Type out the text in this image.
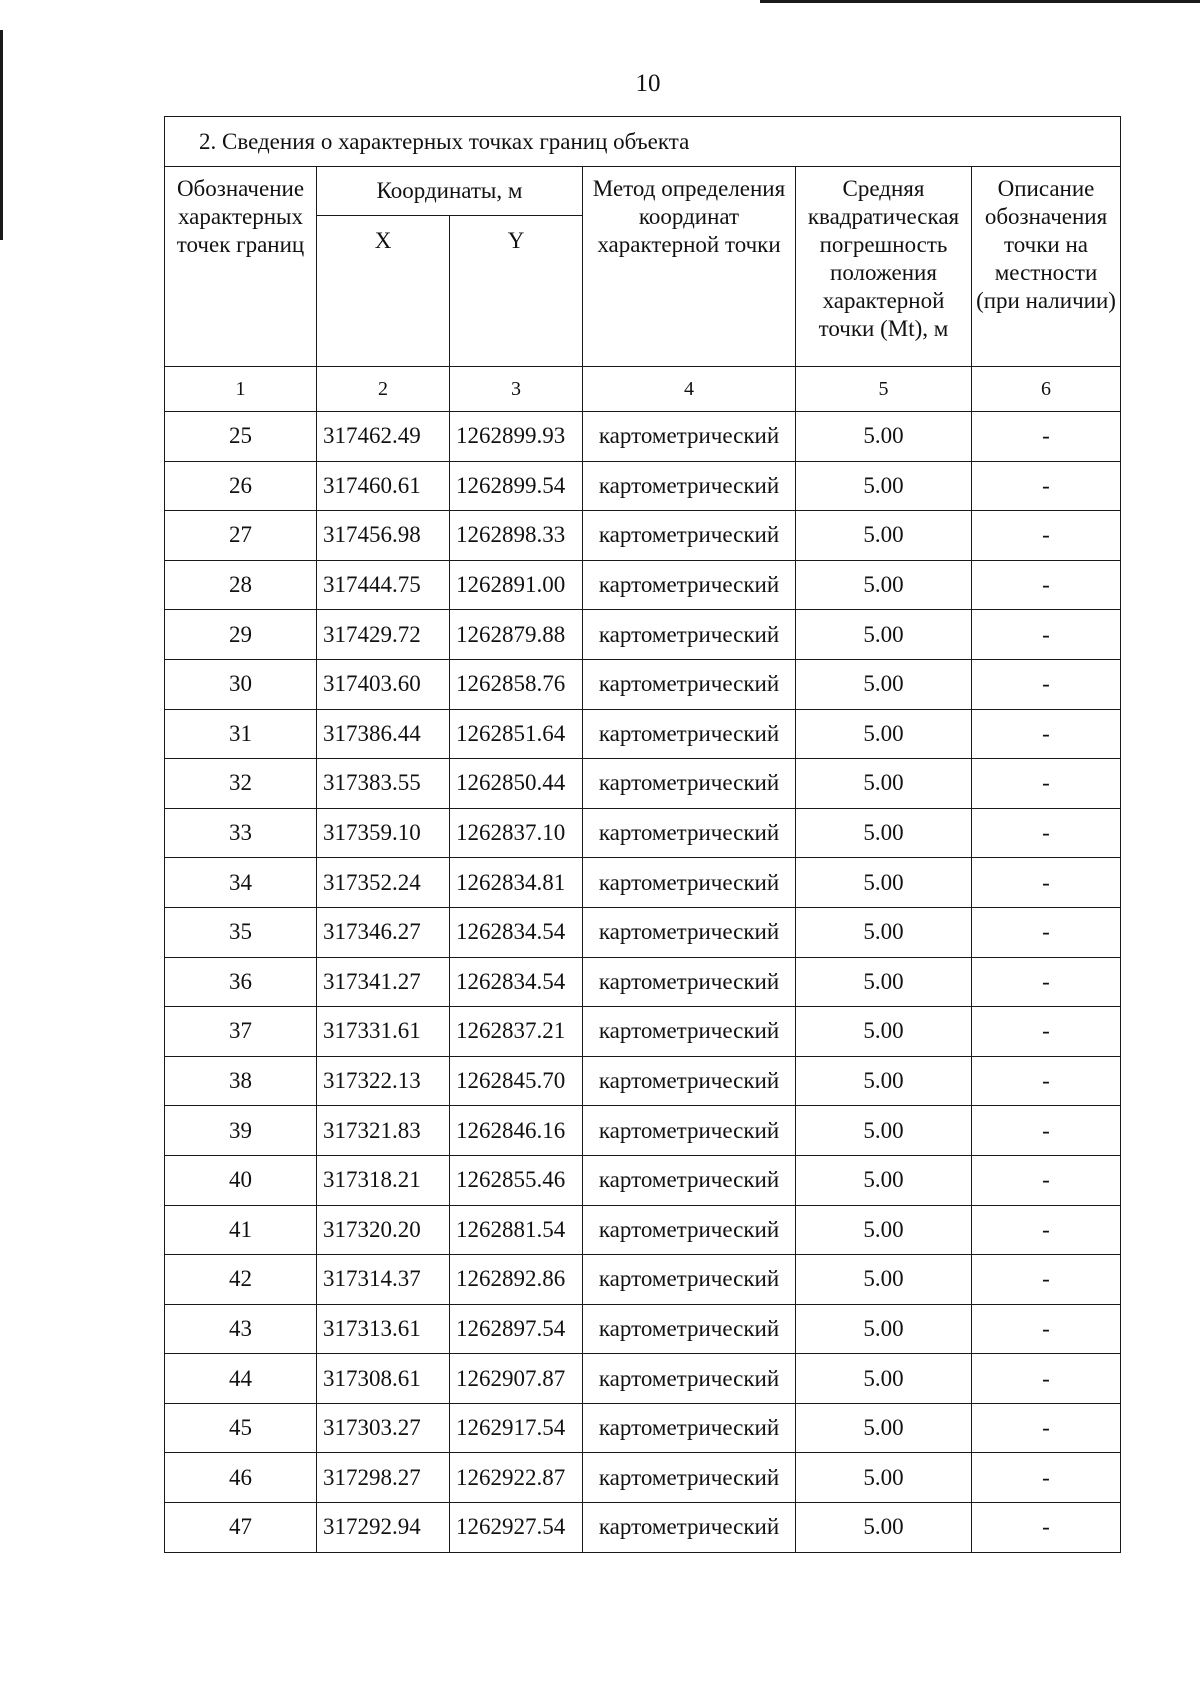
10
2. Сведения о характерных точках границ объекта					
Обозначение характерных точек границ	Координаты, м		Метод определения координат характерной точки	Средняя квадратическая погрешность положения характерной точки (Mt), м	Описание обозначения точки на местности (при наличии)
	X	Y			
1	2	3	4	5	6
25	317462.49	1262899.93	картометрический	5.00	-
26	317460.61	1262899.54	картометрический	5.00	-
27	317456.98	1262898.33	картометрический	5.00	-
28	317444.75	1262891.00	картометрический	5.00	-
29	317429.72	1262879.88	картометрический	5.00	-
30	317403.60	1262858.76	картометрический	5.00	-
31	317386.44	1262851.64	картометрический	5.00	-
32	317383.55	1262850.44	картометрический	5.00	-
33	317359.10	1262837.10	картометрический	5.00	-
34	317352.24	1262834.81	картометрический	5.00	-
35	317346.27	1262834.54	картометрический	5.00	-
36	317341.27	1262834.54	картометрический	5.00	-
37	317331.61	1262837.21	картометрический	5.00	-
38	317322.13	1262845.70	картометрический	5.00	-
39	317321.83	1262846.16	картометрический	5.00	-
40	317318.21	1262855.46	картометрический	5.00	-
41	317320.20	1262881.54	картометрический	5.00	-
42	317314.37	1262892.86	картометрический	5.00	-
43	317313.61	1262897.54	картометрический	5.00	-
44	317308.61	1262907.87	картометрический	5.00	-
45	317303.27	1262917.54	картометрический	5.00	-
46	317298.27	1262922.87	картометрический	5.00	-
47	317292.94	1262927.54	картометрический	5.00	-
